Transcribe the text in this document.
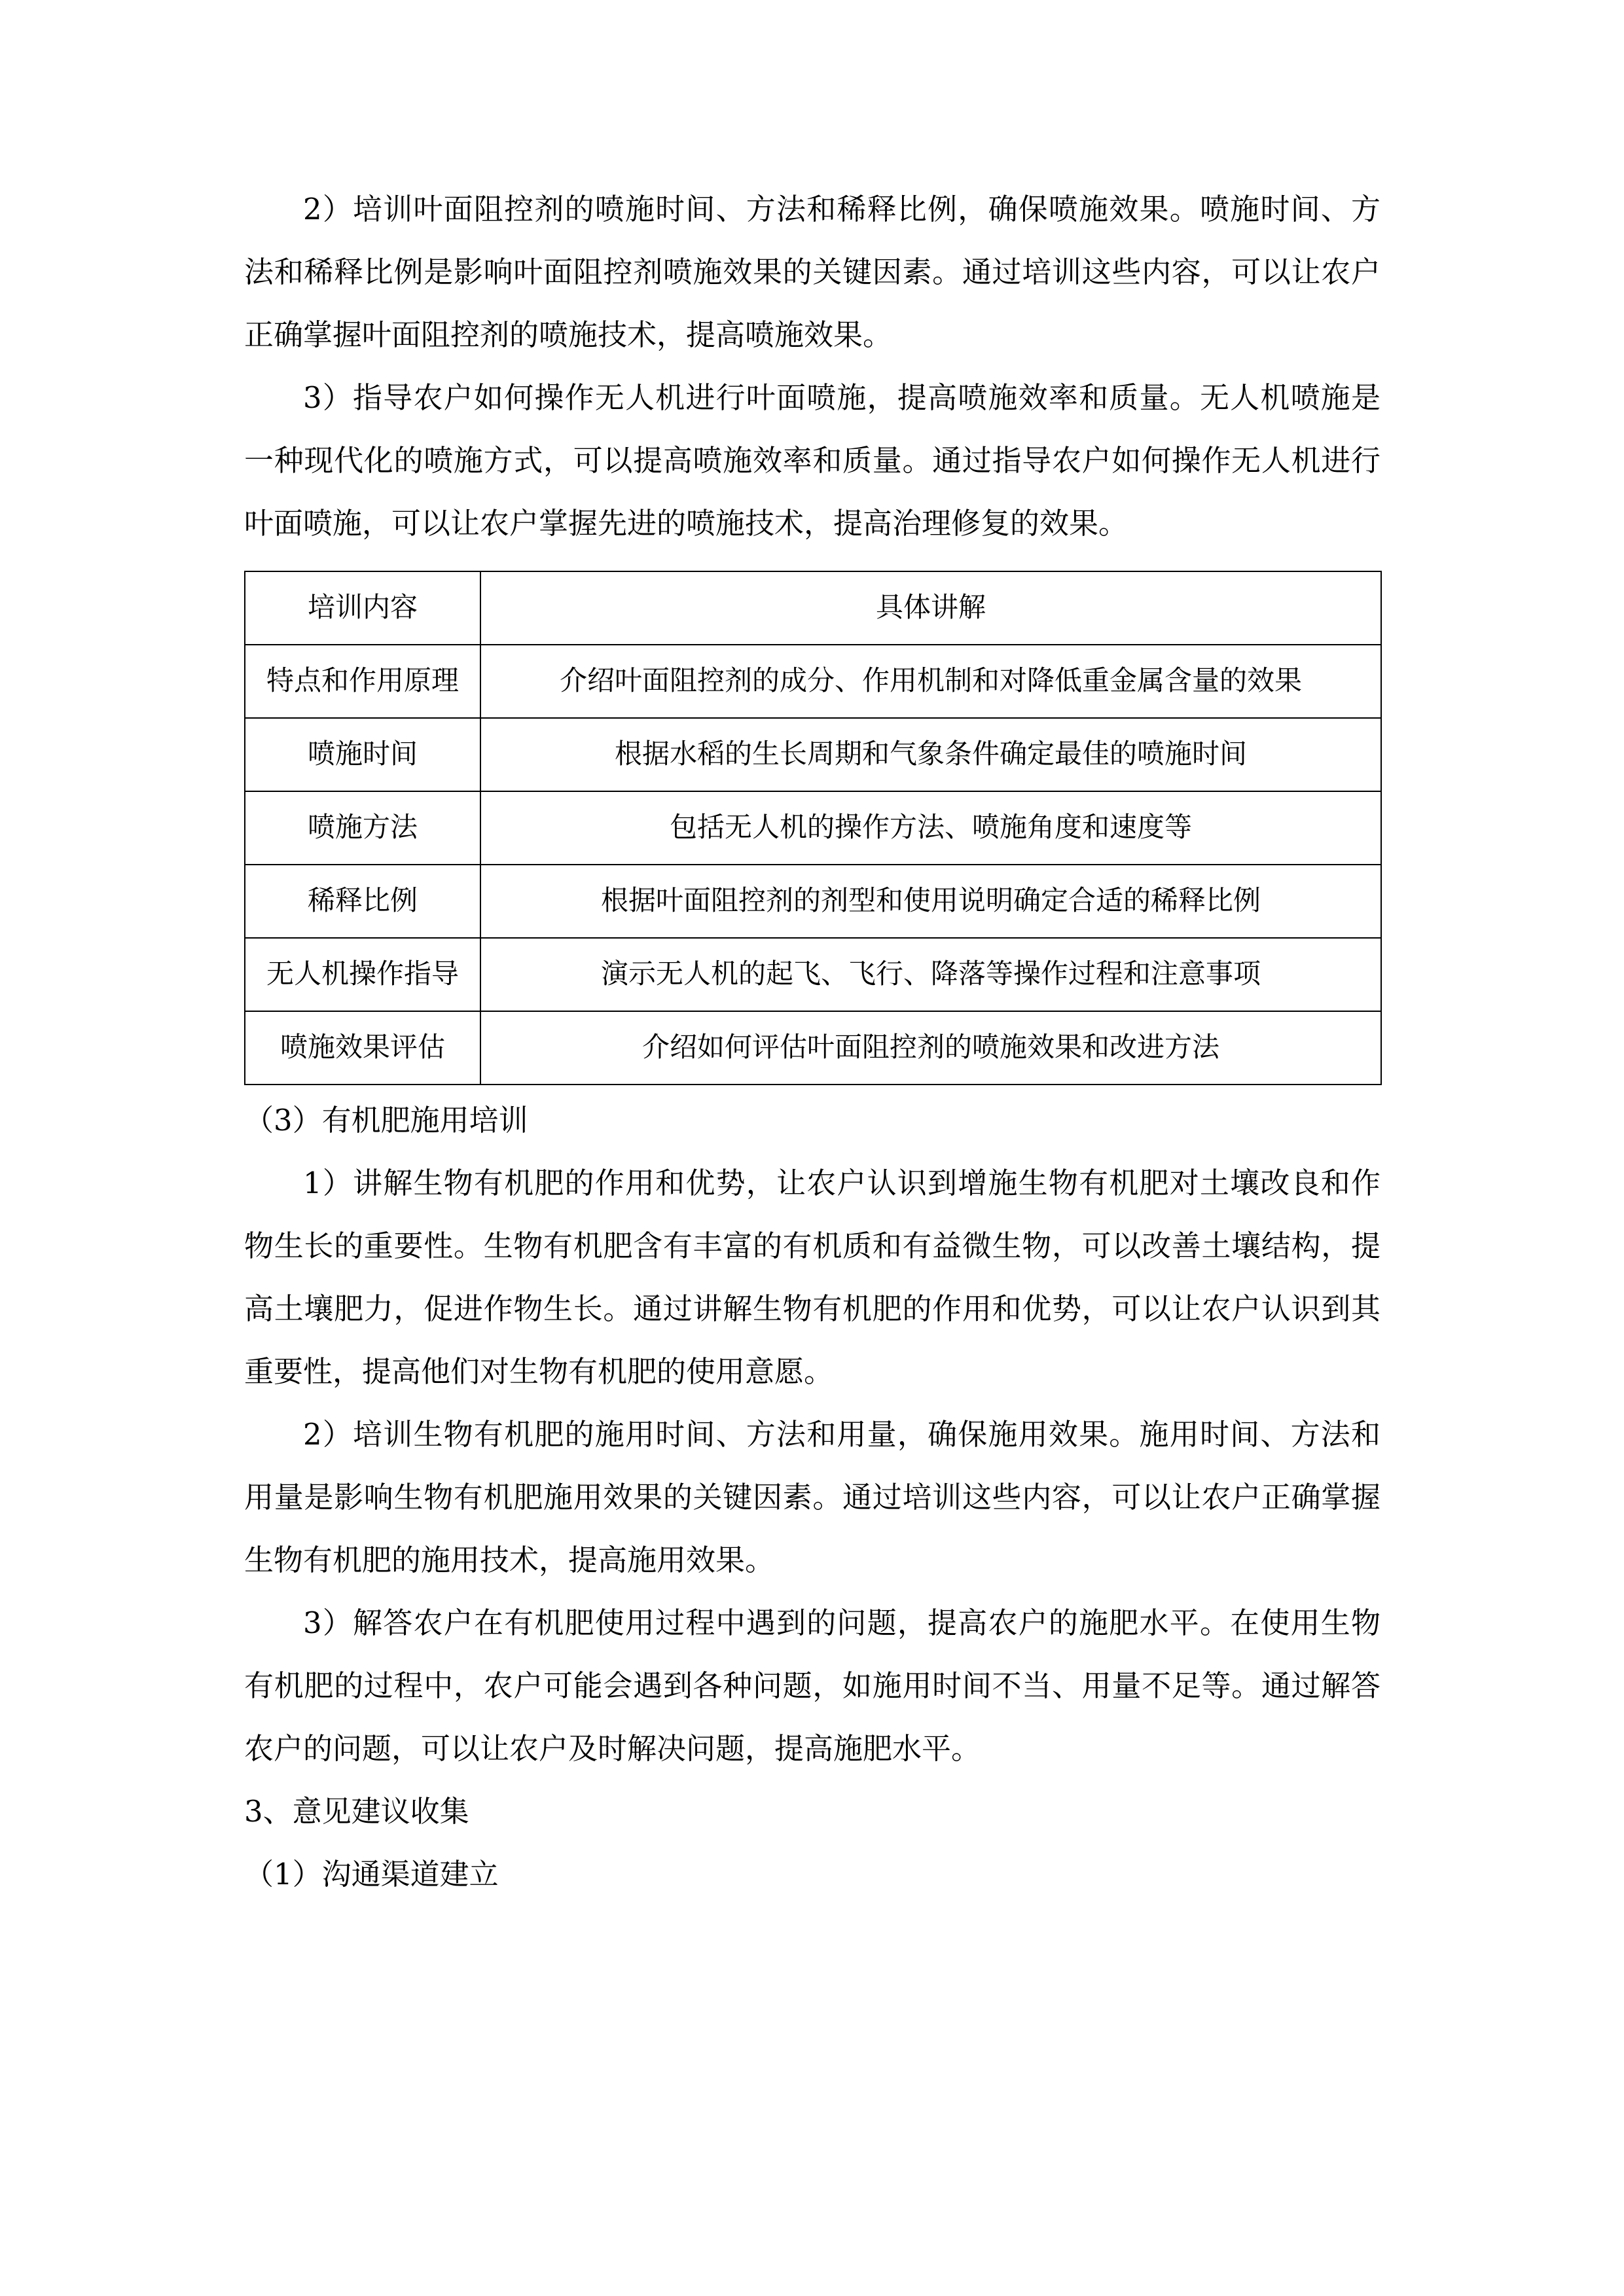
2）培训叶面阻控剂的喷施时间、方法和稀释比例，确保喷施效果。喷施时间、方法和稀释比例是影响叶面阻控剂喷施效果的关键因素。通过培训这些内容，可以让农户正确掌握叶面阻控剂的喷施技术，提高喷施效果。

3）指导农户如何操作无人机进行叶面喷施，提高喷施效率和质量。无人机喷施是一种现代化的喷施方式，可以提高喷施效率和质量。通过指导农户如何操作无人机进行叶面喷施，可以让农户掌握先进的喷施技术，提高治理修复的效果。

培训内容	具体讲解
特点和作用原理	介绍叶面阻控剂的成分、作用机制和对降低重金属含量的效果
喷施时间	根据水稻的生长周期和气象条件确定最佳的喷施时间
喷施方法	包括无人机的操作方法、喷施角度和速度等
稀释比例	根据叶面阻控剂的剂型和使用说明确定合适的稀释比例
无人机操作指导	演示无人机的起飞、飞行、降落等操作过程和注意事项
喷施效果评估	介绍如何评估叶面阻控剂的喷施效果和改进方法

（3）有机肥施用培训

1）讲解生物有机肥的作用和优势，让农户认识到增施生物有机肥对土壤改良和作物生长的重要性。生物有机肥含有丰富的有机质和有益微生物，可以改善土壤结构，提高土壤肥力，促进作物生长。通过讲解生物有机肥的作用和优势，可以让农户认识到其重要性，提高他们对生物有机肥的使用意愿。

2）培训生物有机肥的施用时间、方法和用量，确保施用效果。施用时间、方法和用量是影响生物有机肥施用效果的关键因素。通过培训这些内容，可以让农户正确掌握生物有机肥的施用技术，提高施用效果。

3）解答农户在有机肥使用过程中遇到的问题，提高农户的施肥水平。在使用生物有机肥的过程中，农户可能会遇到各种问题，如施用时间不当、用量不足等。通过解答农户的问题，可以让农户及时解决问题，提高施肥水平。

3、意见建议收集

（1）沟通渠道建立
